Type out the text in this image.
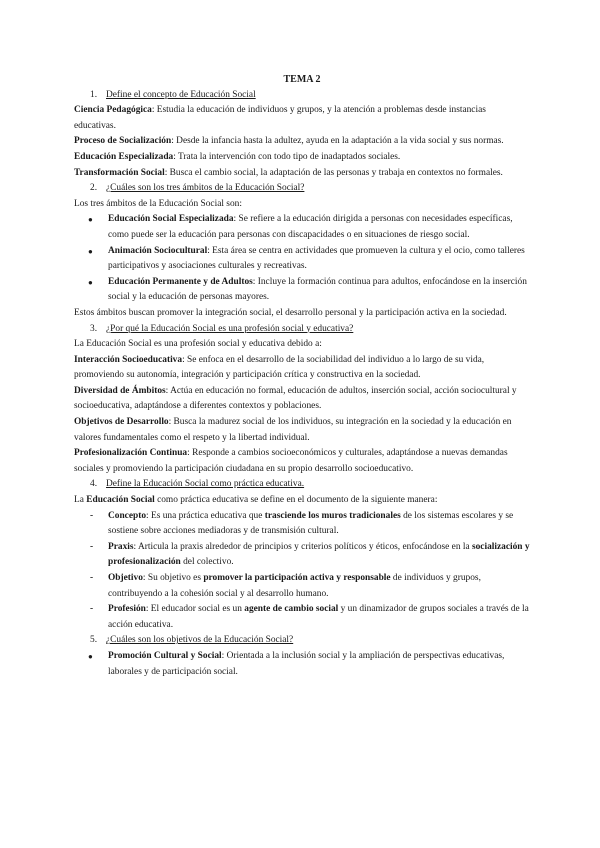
TEMA 2

1. Define el concepto de Educación Social

Ciencia Pedagógica: Estudia la educación de individuos y grupos, y la atención a problemas desde instancias educativas.

Proceso de Socialización: Desde la infancia hasta la adultez, ayuda en la adaptación a la vida social y sus normas.

Educación Especializada: Trata la intervención con todo tipo de inadaptados sociales.

Transformación Social: Busca el cambio social, la adaptación de las personas y trabaja en contextos no formales.

2. ¿Cuáles son los tres ámbitos de la Educación Social?

Los tres ámbitos de la Educación Social son:

● Educación Social Especializada: Se refiere a la educación dirigida a personas con necesidades específicas, como puede ser la educación para personas con discapacidades o en situaciones de riesgo social.
● Animación Sociocultural: Esta área se centra en actividades que promueven la cultura y el ocio, como talleres participativos y asociaciones culturales y recreativas.
● Educación Permanente y de Adultos: Incluye la formación continua para adultos, enfocándose en la inserción social y la educación de personas mayores.

Estos ámbitos buscan promover la integración social, el desarrollo personal y la participación activa en la sociedad.

3. ¿Por qué la Educación Social es una profesión social y educativa?

La Educación Social es una profesión social y educativa debido a:

Interacción Socioeducativa: Se enfoca en el desarrollo de la sociabilidad del individuo a lo largo de su vida, promoviendo su autonomía, integración y participación crítica y constructiva en la sociedad.

Diversidad de Ámbitos: Actúa en educación no formal, educación de adultos, inserción social, acción sociocultural y socioeducativa, adaptándose a diferentes contextos y poblaciones.

Objetivos de Desarrollo: Busca la madurez social de los individuos, su integración en la sociedad y la educación en valores fundamentales como el respeto y la libertad individual.

Profesionalización Continua: Responde a cambios socioeconómicos y culturales, adaptándose a nuevas demandas sociales y promoviendo la participación ciudadana en su propio desarrollo socioeducativo.

4. Define la Educación Social como práctica educativa.

La Educación Social como práctica educativa se define en el documento de la siguiente manera:

- Concepto: Es una práctica educativa que trasciende los muros tradicionales de los sistemas escolares y se sostiene sobre acciones mediadoras y de transmisión cultural.
- Praxis: Articula la praxis alrededor de principios y criterios políticos y éticos, enfocándose en la socialización y profesionalización del colectivo.
- Objetivo: Su objetivo es promover la participación activa y responsable de individuos y grupos, contribuyendo a la cohesión social y al desarrollo humano.
- Profesión: El educador social es un agente de cambio social y un dinamizador de grupos sociales a través de la acción educativa.
5. ¿Cuáles son los objetivos de la Educación Social?
● Promoción Cultural y Social: Orientada a la inclusión social y la ampliación de perspectivas educativas, laborales y de participación social.
